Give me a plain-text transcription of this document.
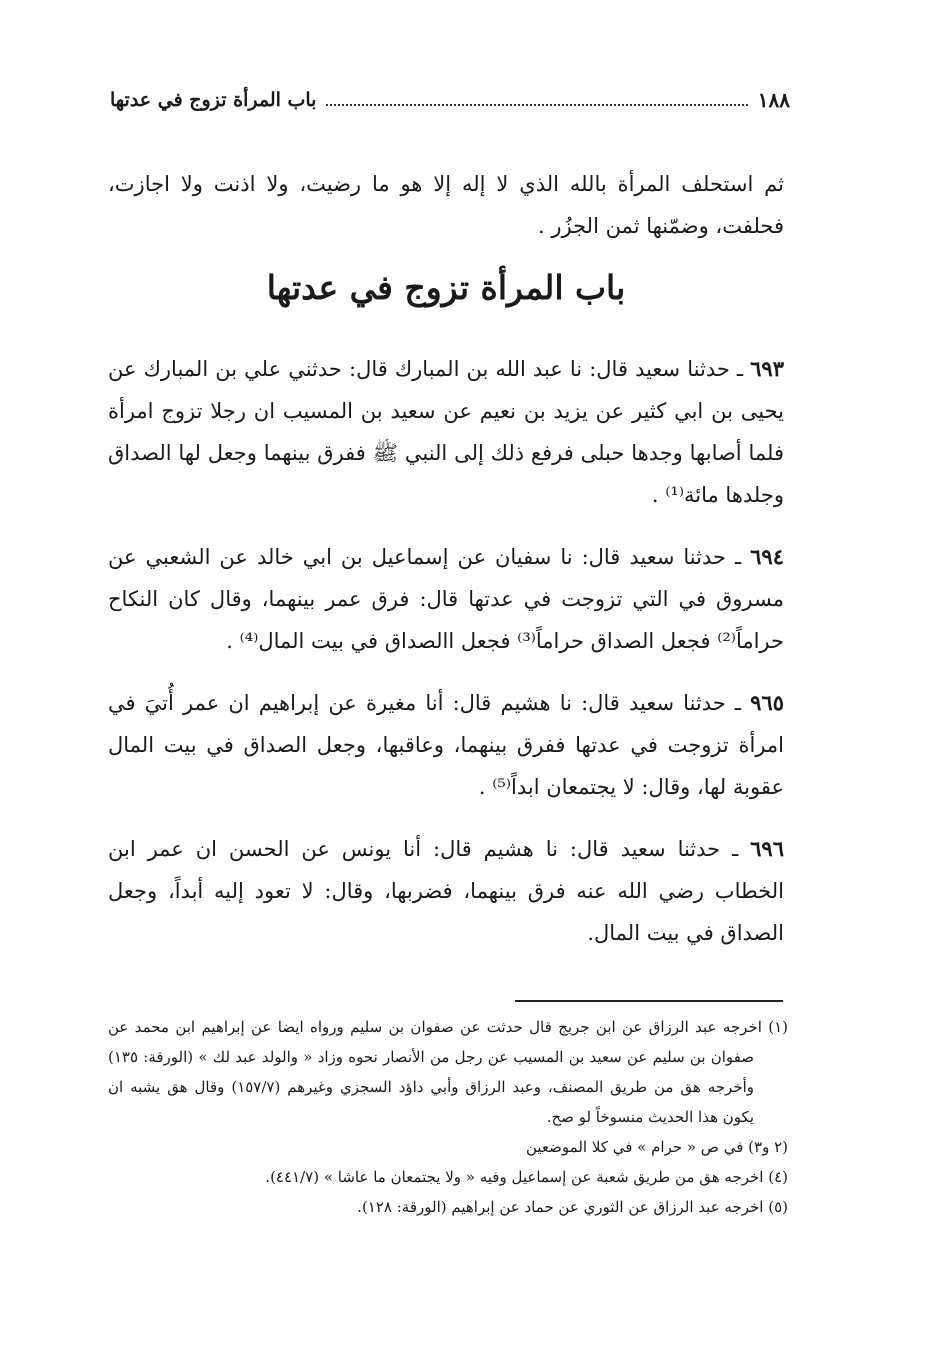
١٨٨
باب المرأة تزوج في عدتها

ثم استحلف المرأة بالله الذي لا إله إلا هو ما رضيت، ولا اذنت ولا اجازت، فحلفت، وضمّنها ثمن الجزُر .

باب المرأة تزوج في عدتها

٦٩٣ ـ حدثنا سعيد قال: نا عبد الله بن المبارك قال: حدثني علي بن المبارك عن يحيى بن ابي كثير عن يزيد بن نعيم عن سعيد بن المسيب ان رجلا تزوج امرأة فلما أصابها وجدها حبلى فرفع ذلك إلى النبي ﷺ ففرق بينهما وجعل لها الصداق وجلدها مائة⁽¹⁾ .

٦٩٤ ـ حدثنا سعيد قال: نا سفيان عن إسماعيل بن ابي خالد عن الشعبي عن مسروق في التي تزوجت في عدتها قال: فرق عمر بينهما، وقال كان النكاح حراماً⁽²⁾ فجعل الصداق حراماً⁽³⁾ فجعل االصداق في بيت المال⁽⁴⁾ .

٩٦٥ ـ حدثنا سعيد قال: نا هشيم قال: أنا مغيرة عن إبراهيم ان عمر أُتيَ في امرأة تزوجت في عدتها ففرق بينهما، وعاقبها، وجعل الصداق في بيت المال عقوبة لها، وقال: لا يجتمعان ابداً⁽⁵⁾ .

٦٩٦ ـ حدثنا سعيد قال: نا هشيم قال: أنا يونس عن الحسن ان عمر ابن الخطاب رضي الله عنه فرق بينهما، فضربها، وقال: لا تعود إليه أبداً، وجعل الصداق في بيت المال.

(١) اخرجه عبد الرزاق عن ابن جريج قال حدثت عن صفوان بن سليم ورواه ايضا عن إبراهيم ابن محمد عن صفوان بن سليم عن سعيد بن المسيب عن رجل من الأنصار نحوه وزاد « والولد عبد لك » (الورقة: ١٣٥) وأخرجه هق من طريق المصنف، وعبد الرزاق وأبي داؤد السجزي وغيرهم (١٥٧/٧) وقال هق يشبه ان يكون هذا الحديث منسوخاً لو صح.

(٢ و٣) في ص « حرام » في كلا الموضعين

(٤) اخرجه هق من طريق شعبة عن إسماعيل وفيه « ولا يجتمعان ما عاشا » (٤٤١/٧).

(٥) اخرجه عبد الرزاق عن الثوري عن حماد عن إبراهيم (الورقة: ١٢٨).
